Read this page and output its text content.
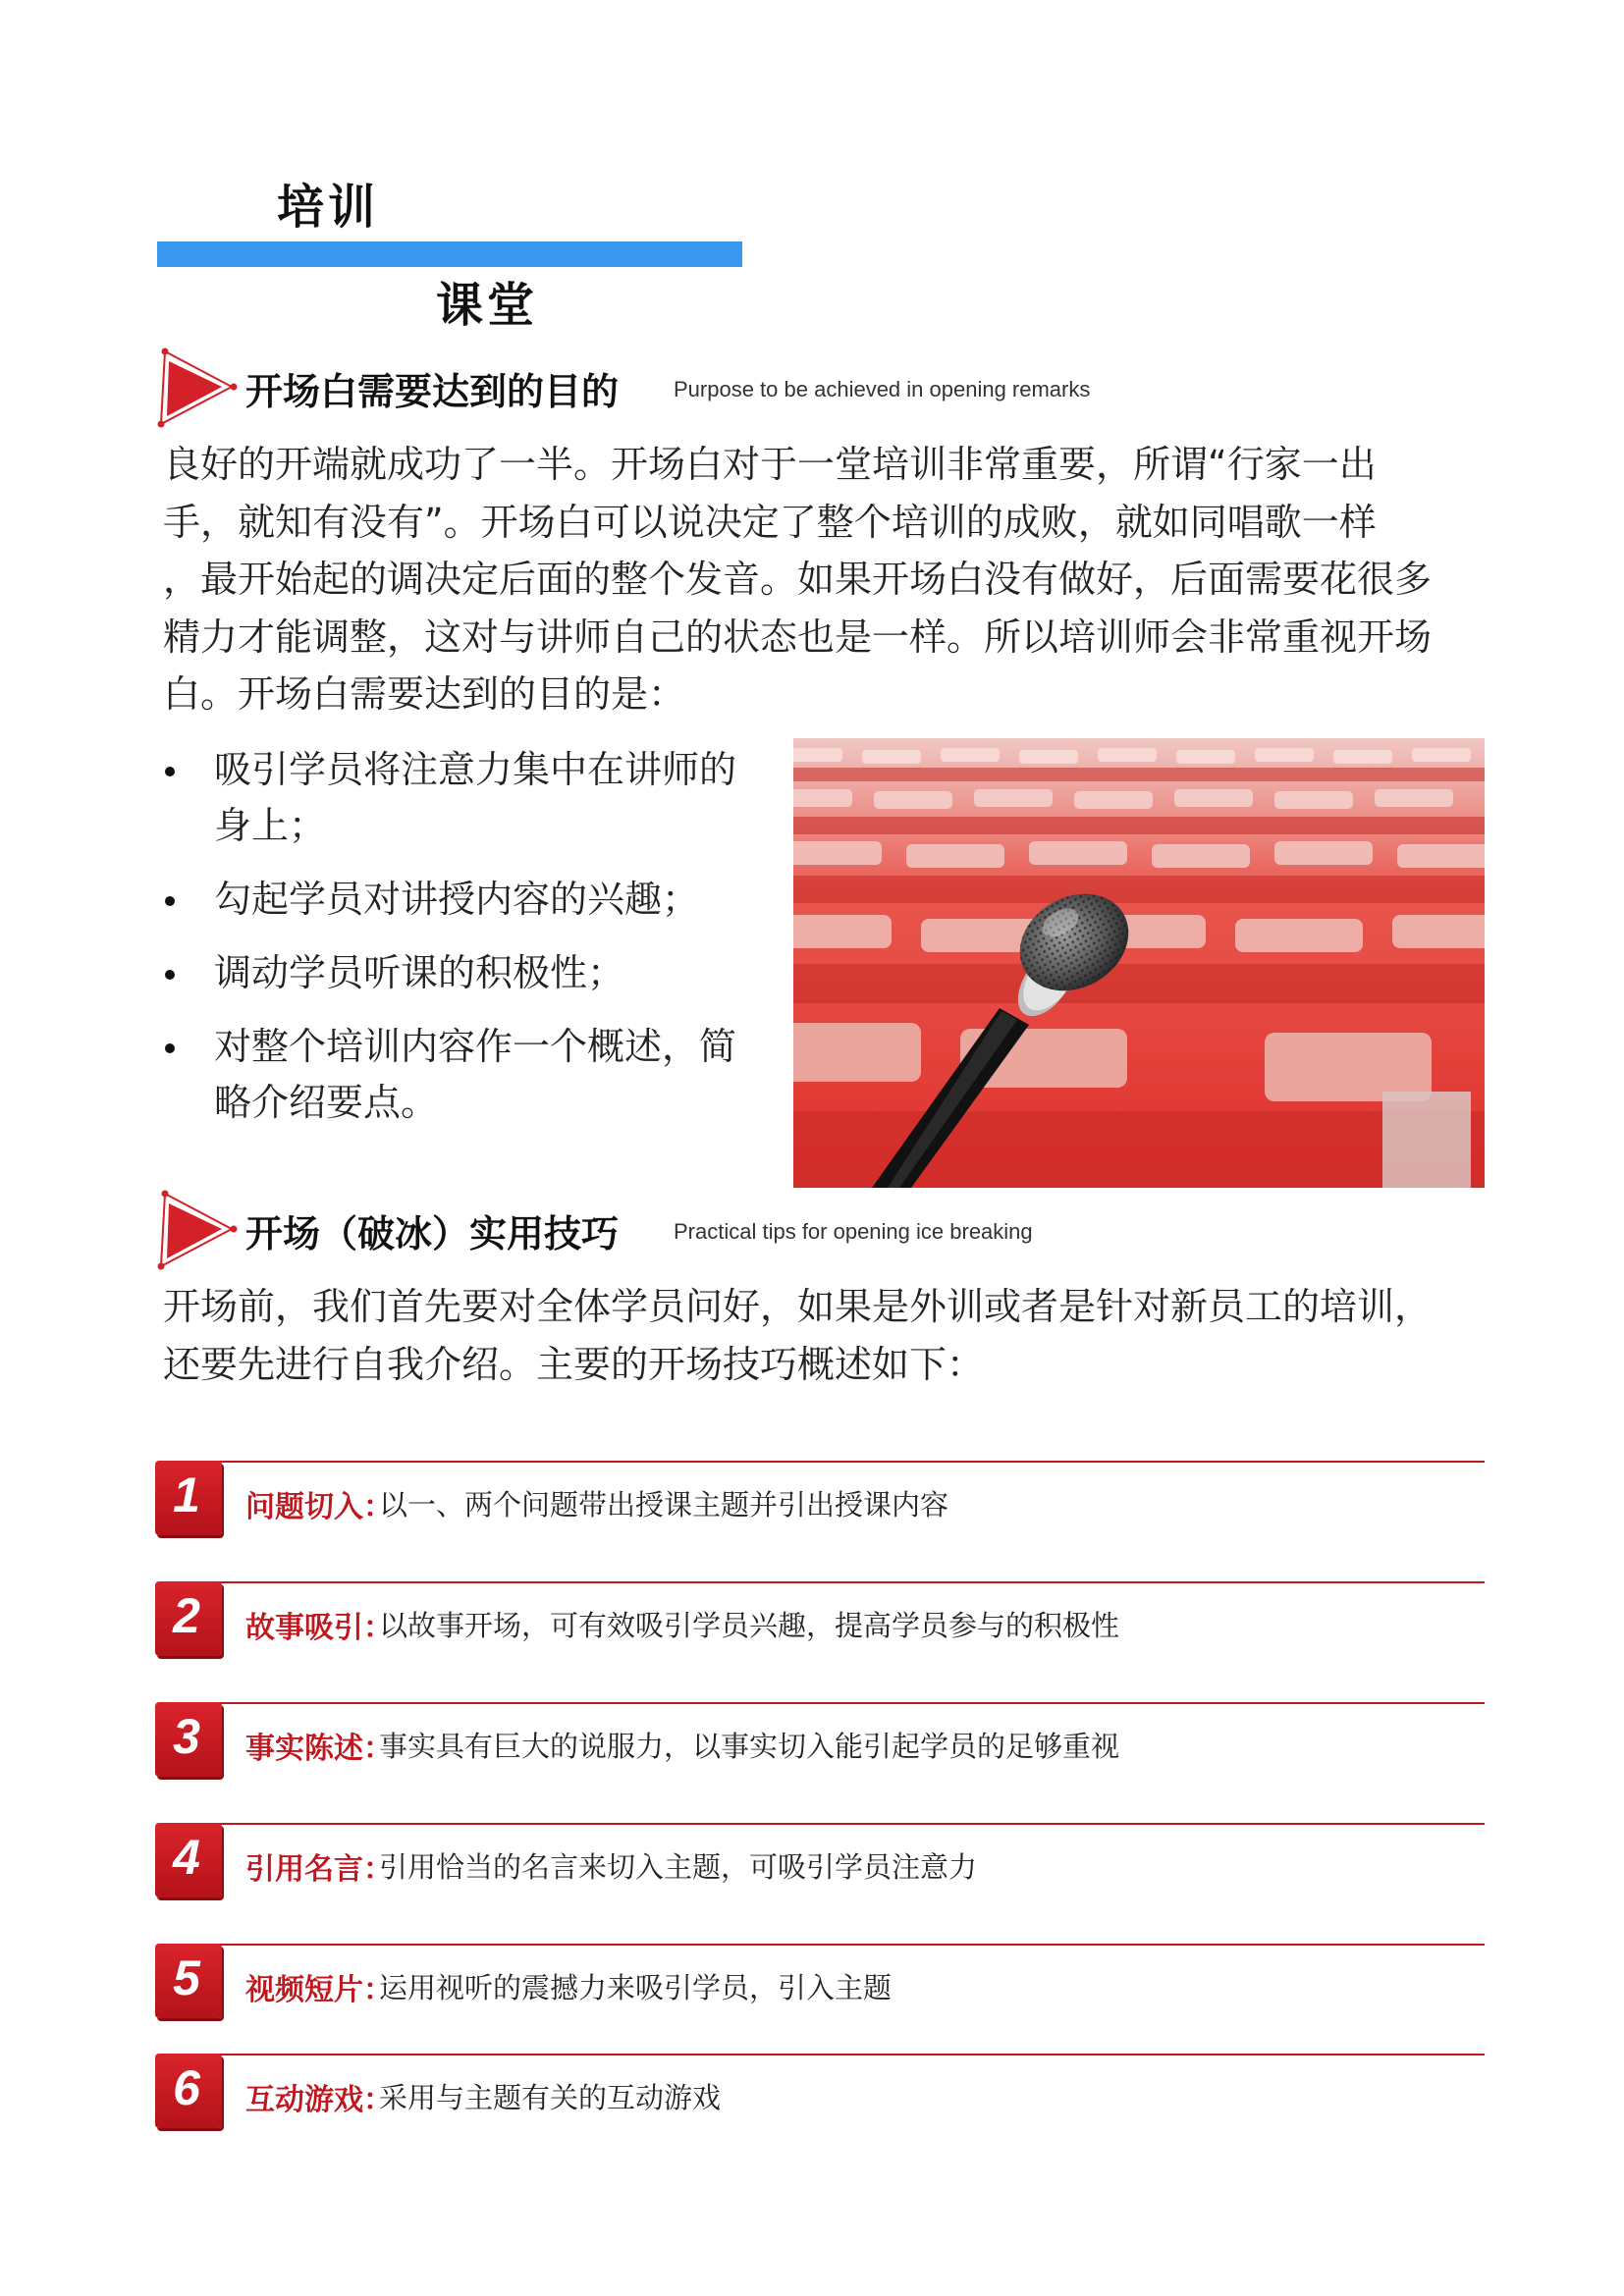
培训
课堂
开场白需要达到的目的	Purpose to be achieved in opening remarks
良好的开端就成功了一半。开场白对于一堂培训非常重要，所谓“行家一出
手，就知有没有”。开场白可以说决定了整个培训的成败，就如同唱歌一样
，最开始起的调决定后面的整个发音。如果开场白没有做好，后面需要花很多
精力才能调整，这对与讲师自己的状态也是一样。所以培训师会非常重视开场
白。开场白需要达到的目的是：
吸引学员将注意力集中在讲师的
身上；
勾起学员对讲授内容的兴趣；
调动学员听课的积极性；
对整个培训内容作一个概述，简
略介绍要点。
开场（破冰）实用技巧	Practical tips for opening ice breaking
开场前，我们首先要对全体学员问好，如果是外训或者是针对新员工的培训，
还要先进行自我介绍。主要的开场技巧概述如下：
1	问题切入：
以一、两个问题带出授课主题并引出授课内容
2	故事吸引：
以故事开场，可有效吸引学员兴趣，提高学员参与的积极性
3	事实陈述：
事实具有巨大的说服力，以事实切入能引起学员的足够重视
4	引用名言：
引用恰当的名言来切入主题，可吸引学员注意力
5	视频短片：
运用视听的震撼力来吸引学员，引入主题
6	互动游戏：
采用与主题有关的互动游戏
